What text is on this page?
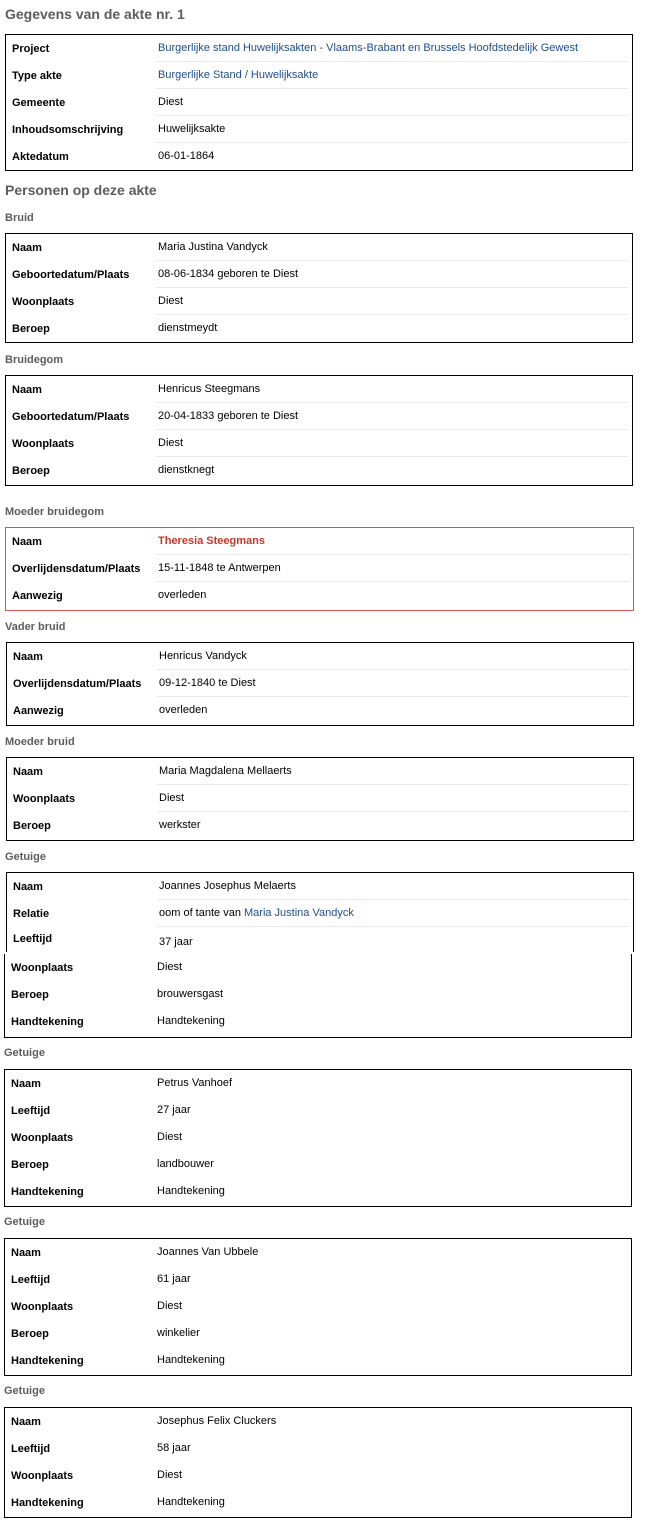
Gegevens van de akte nr. 1
Project	Burgerlijke stand Huwelijksakten - Vlaams-Brabant en Brussels Hoofdstedelijk Gewest
Type akte	Burgerlijke Stand / Huwelijksakte
Gemeente	Diest
Inhoudsomschrijving	Huwelijksakte
Aktedatum	06-01-1864
Personen op deze akte
Bruid
Naam	Maria Justina Vandyck
Geboortedatum/Plaats	08-06-1834 geboren te Diest
Woonplaats	Diest
Beroep	dienstmeydt
Bruidegom
Naam	Henricus Steegmans
Geboortedatum/Plaats	20-04-1833 geboren te Diest
Woonplaats	Diest
Beroep	dienstknegt
Moeder bruidegom
Naam	Theresia Steegmans
Overlijdensdatum/Plaats 15-11-1848 te Antwerpen
Aanwezig	overleden
Vader bruid
Naam	Henricus Vandyck
Overlijdensdatum/Plaats 09-12-1840 te Diest
Aanwezig	overleden
Moeder bruid
Naam	Maria Magdalena Mellaerts
Woonplaats	Diest
Beroep	werkster
Getuige
Naam	Joannes Josephus Melaerts
Relatie	oom of tante van Maria Justina Vandyck
Leeftijd	37 jaar
Woonplaats	Diest
Beroep	brouwersgast
Handtekening	Handtekening
Getuige
Naam	Petrus Vanhoef
Leeftijd	27 jaar
Woonplaats	Diest
Beroep	landbouwer
Handtekening	Handtekening
Getuige
Naam	Joannes Van Ubbele
Leeftijd	61 jaar
Woonplaats	Diest
Beroep	winkelier
Handtekening	Handtekening
Getuige
Naam	Josephus Felix Cluckers
Leeftijd	58 jaar
Woonplaats	Diest
Handtekening	Handtekening
